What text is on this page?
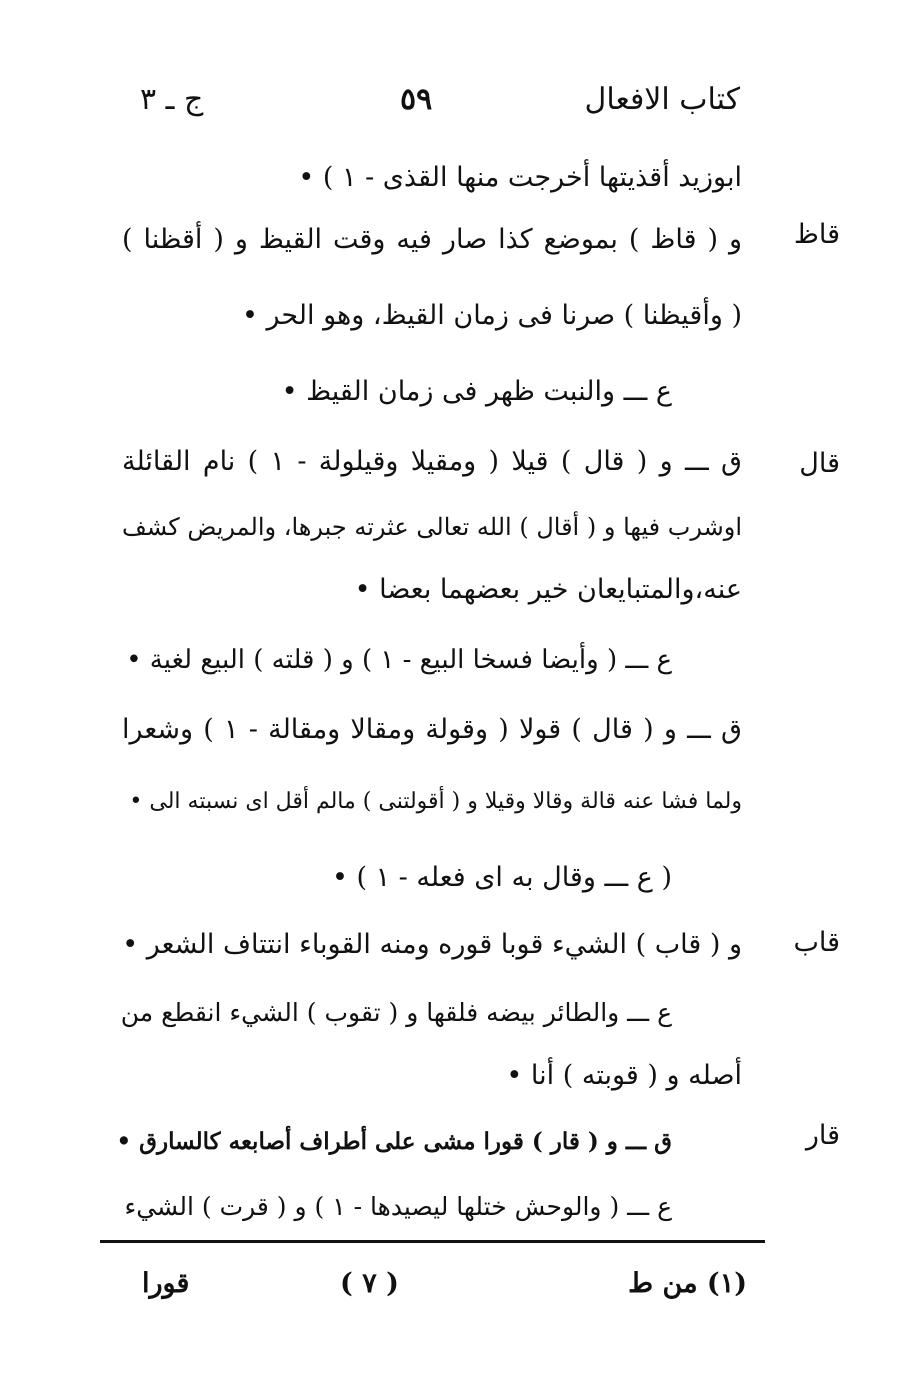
كتاب الافعال
٥٩
ج ـ ٣
قاظ
قال
قاب
قار
ابوزيد أقذيتها أخرجت منها القذى - ١ ) •
و ( قاظ ) بموضع كذا صار فيه وقت القيظ و ( أقظنا )
( وأقيظنا ) صرنا فى زمان القيظ، وهو الحر •
ع ـــ والنبت ظهر فى زمان القيظ •
ق ـــ و ( قال ) قيلا ( ومقيلا وقيلولة - ١ ) نام القائلة
اوشرب فيها و ( أقال ) الله تعالى عثرته جبرها، والمريض كشف
عنه،والمتبايعان خير بعضهما بعضا •
ع ـــ ( وأيضا فسخا البيع - ١ ) و ( قلته ) البيع لغية •
ق ـــ و ( قال ) قولا ( وقولة ومقالا ومقالة - ١ ) وشعرا
ولما فشا عنه قالة وقالا وقيلا و ( أقولتنى ) مالم أقل اى نسبته الى •
( ع ـــ وقال به اى فعله - ١ ) •
و ( قاب ) الشيء قوبا قوره ومنه القوباء انتتاف الشعر •
ع ـــ والطائر بيضه فلقها و ( تقوب ) الشيء انقطع من
أصله و ( قوبته ) أنا •
ق ـــ و ( قار ) قورا مشى على أطراف أصابعه كالسارق •
ع ـــ ( والوحش ختلها ليصيدها - ١ ) و ( قرت ) الشيء
(١) من ط
( ٧ )
قورا
